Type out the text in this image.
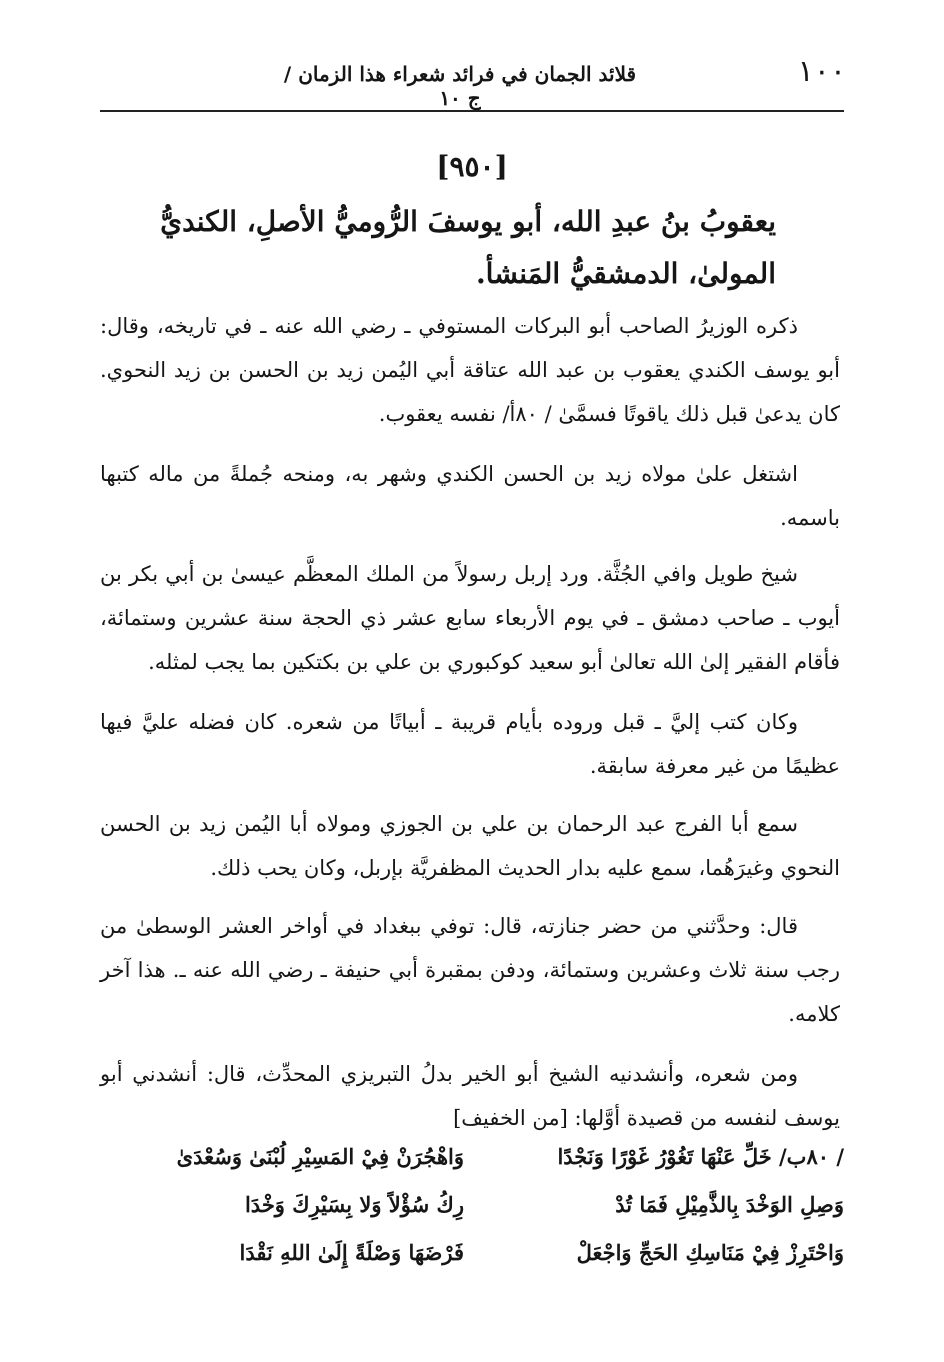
١٠٠
قلائد الجمان في فرائد شعراء هذا الزمان / ج ١٠
[٩٥٠]
يعقوبُ بنُ عبدِ الله، أبو يوسفَ الرُّوميُّ الأصلِ، الكنديُّ
المولىٰ، الدمشقيُّ المَنشأ.

ذكره الوزيرُ الصاحب أبو البركات المستوفي ـ رضي الله عنه ـ في تاريخه، وقال: أبو يوسف الكندي يعقوب بن عبد الله عتاقة أبي اليُمن زيد بن الحسن بن زيد النحوي. كان يدعىٰ قبل ذلك ياقوتًا فسمَّىٰ / ٨٠أ/ نفسه يعقوب.

اشتغل علىٰ مولاه زيد بن الحسن الكندي وشهر به، ومنحه جُملةً من ماله كتبها باسمه.

شيخ طويل وافي الجُثَّة. ورد إربل رسولاً من الملك المعظَّم عيسىٰ بن أبي بكر بن أيوب ـ صاحب دمشق ـ في يوم الأربعاء سابع عشر ذي الحجة سنة عشرين وستمائة، فأقام الفقير إلىٰ الله تعالىٰ أبو سعيد كوكبوري بن علي بن بكتكين بما يجب لمثله.

وكان كتب إليَّ ـ قبل وروده بأيام قريبة ـ أبياتًا من شعره. كان فضله عليَّ فيها عظيمًا من غير معرفة سابقة.

سمع أبا الفرج عبد الرحمان بن علي بن الجوزي ومولاه أبا اليُمن زيد بن الحسن النحوي وغيرَهُما، سمع عليه بدار الحديث المظفريَّة بإربل، وكان يحب ذلك.

قال: وحدَّثني من حضر جنازته، قال: توفي ببغداد في أواخر العشر الوسطىٰ من رجب سنة ثلاث وعشرين وستمائة، ودفن بمقبرة أبي حنيفة ـ رضي الله عنه ـ. هذا آخر كلامه.

ومن شعره، وأنشدنيه الشيخ أبو الخير بدلُ التبريزي المحدِّث، قال: أنشدني أبو يوسف لنفسه من قصيدة أوَّلها: [من الخفيف]

/ ٨٠ب/ خَلِّ عَنْهَا تَغُوْرُ غَوْرًا وَنَجْدًا
وَاهْجُرَنْ فِيْ المَسِيْرِ لُبْنَىٰ وَسُعْدَىٰ
وَصِلِ الوَخْدَ بِالذَّمِيْلِ فَمَا تُدْ
رِكُ سُؤْلاً وَلا بِسَيْرِكَ وَخْدَا
وَاحْتَرِزْ فِيْ مَنَاسِكِ الحَجِّ وَاجْعَلْ
فَرْضَهَا وَصْلَةً إِلَىٰ اللهِ نَقْدَا
